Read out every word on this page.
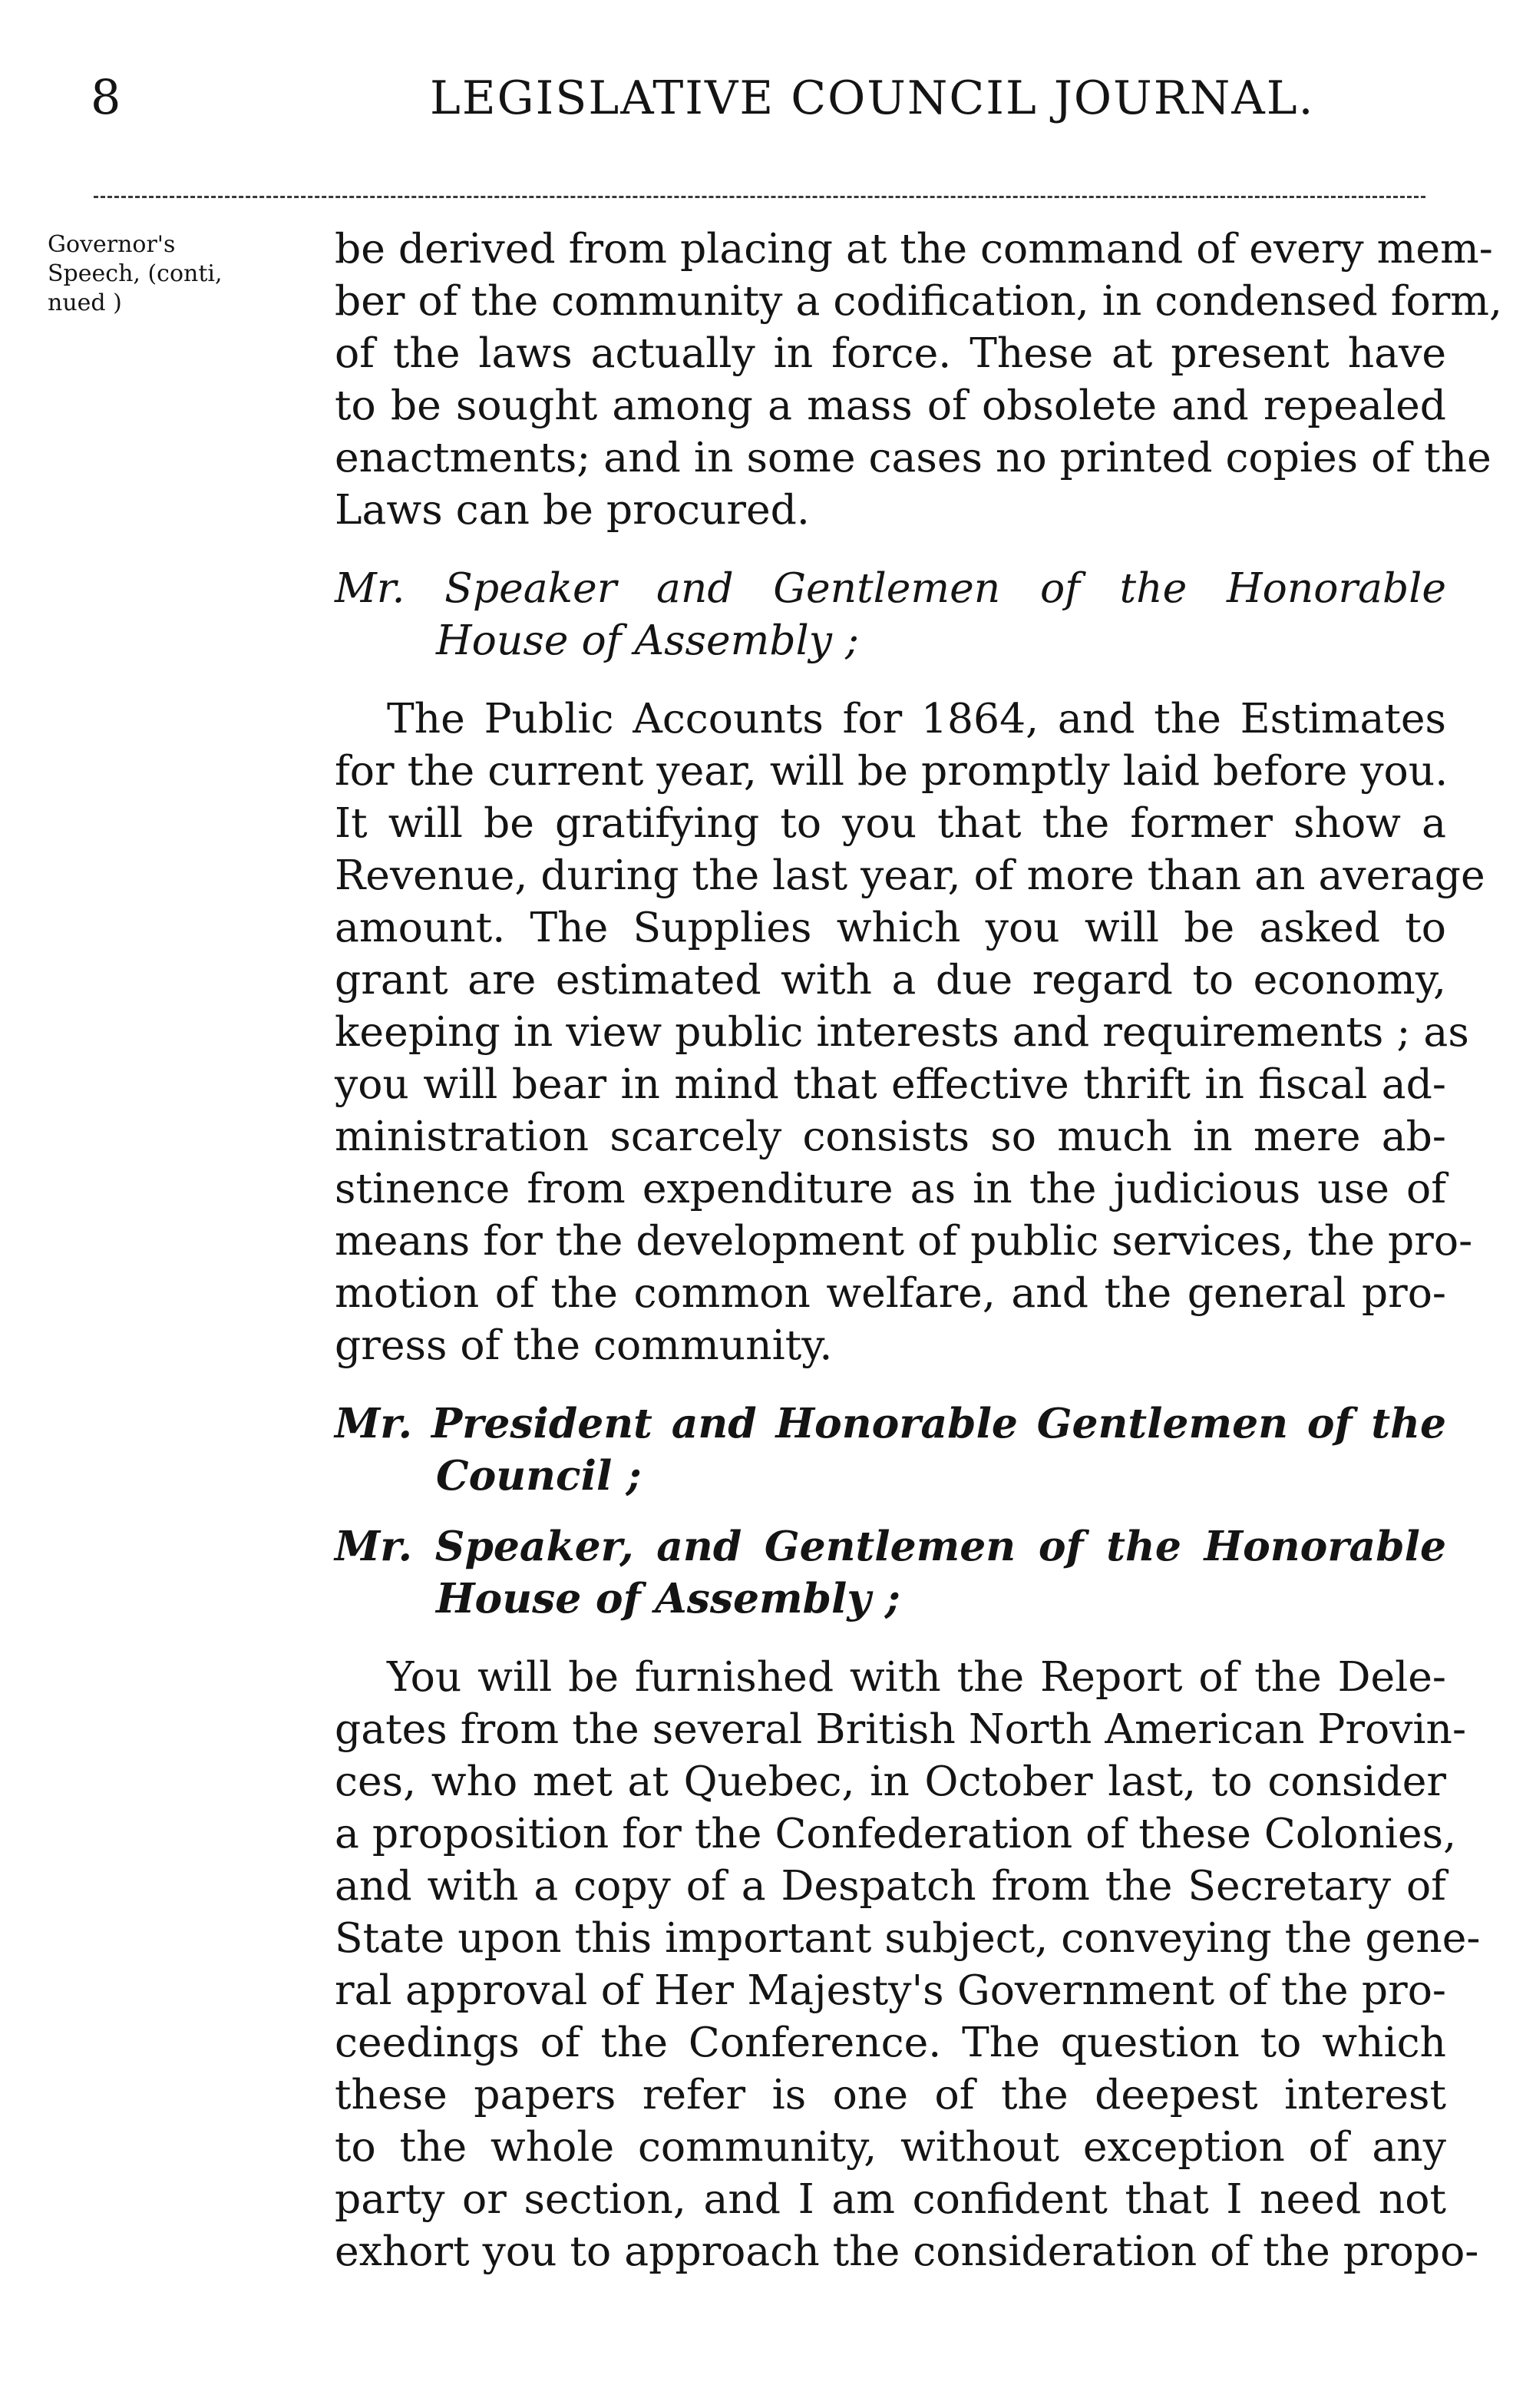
8	LEGISLATIVE COUNCIL JOURNAL.
Governor's
Speech, (conti,
nued )
be derived from placing at the command of every mem-
ber of the community a codification, in condensed form,
of the laws actually in force. These at present have
to be sought among a mass of obsolete and repealed
enactments; and in some cases no printed copies of the
Laws can be procured.
Mr. Speaker and Gentlemen of the Honorable
House of Assembly ;
The Public Accounts for 1864, and the Estimates
for the current year, will be promptly laid before you.
It will be gratifying to you that the former show a
Revenue, during the last year, of more than an average
amount. The Supplies which you will be asked to
grant are estimated with a due regard to economy,
keeping in view public interests and requirements ; as
you will bear in mind that effective thrift in fiscal ad-
ministration scarcely consists so much in mere ab-
stinence from expenditure as in the judicious use of
means for the development of public services, the pro-
motion of the common welfare, and the general pro-
gress of the community.
Mr. President and Honorable Gentlemen of the
Council ;
Mr. Speaker, and Gentlemen of the Honorable
House of Assembly ;
You will be furnished with the Report of the Dele-
gates from the several British North American Provin-
ces, who met at Quebec, in October last, to consider
a proposition for the Confederation of these Colonies,
and with a copy of a Despatch from the Secretary of
State upon this important subject, conveying the gene-
ral approval of Her Majesty's Government of the pro-
ceedings of the Conference. The question to which
these papers refer is one of the deepest interest
to the whole community, without exception of any
party or section, and I am confident that I need not
exhort you to approach the consideration of the propo-
